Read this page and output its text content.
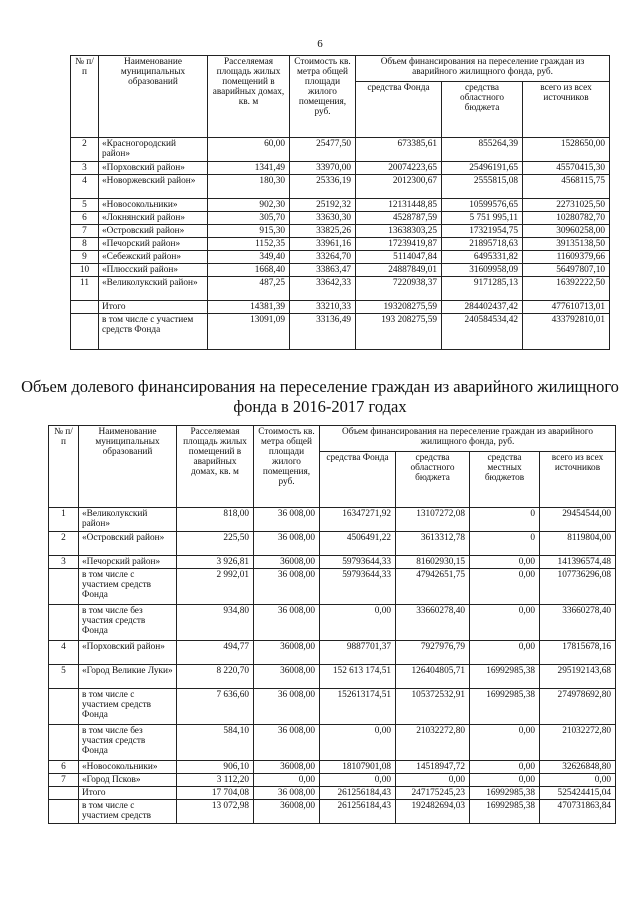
6
№ п/п	Наименование муниципальных образований	Расселяемая площадь жилых помещений в аварийных домах, кв. м	Стоимость кв. метра общей площади жилого помещения, руб.	Объем финансирования на переселение граждан из аварийного жилищного фонда, руб.		
				средства Фонда	средства областного бюджета	всего из всех источников
2	«Красногородский район»	60,00	25477,50	673385,61	855264,39	1528650,00
3	«Порховский район»	1341,49	33970,00	20074223,65	25496191,65	45570415,30
4	«Новоржевский район»	180,30	25336,19	2012300,67	2555815,08	4568115,75
5	«Новосокольники»	902,30	25192,32	12131448,85	10599576,65	22731025,50
6	«Локнянский район»	305,70	33630,30	4528787,59	5 751 995,11	10280782,70
7	«Островский район»	915,30	33825,26	13638303,25	17321954,75	30960258,00
8	«Печорский район»	1152,35	33961,16	17239419,87	21895718,63	39135138,50
9	«Себежский район»	349,40	33264,70	5114047,84	6495331,82	11609379,66
10	«Плюсский район»	1668,40	33863,47	24887849,01	31609958,09	56497807,10
11	«Великолукский район»	487,25	33642,33	7220938,37	9171285,13	16392222,50
	Итого	14381,39	33210,33	193208275,59	284402437,42	477610713,01
	в том числе с участием средств Фонда	13091,09	33136,49	193 208275,59	240584534,42	433792810,01
Объем долевого финансирования на переселение граждан из аварийного жилищного фонда в 2016-2017 годах
№ п/п	Наименование муниципальных образований	Расселяемая площадь жилых помещений в аварийных домах, кв. м	Стоимость кв. метра общей площади жилого помещения, руб.	Объем финансирования на переселение граждан из аварийного жилищного фонда, руб.			
				средства Фонда	средства областного бюджета	средства местных бюджетов	всего из всех источников
1	«Великолукский район»	818,00	36 008,00	16347271,92	13107272,08	0	29454544,00
2	«Островский район»	225,50	36 008,00	4506491,22	3613312,78	0	8119804,00
3	«Печорский район»	3 926,81	36008,00	59793644,33	81602930,15	0,00	141396574,48
	в том числе с участием средств Фонда	2 992,01	36 008,00	59793644,33	47942651,75	0,00	107736296,08
	в том числе без участия средств Фонда	934,80	36 008,00	0,00	33660278,40	0,00	33660278,40
4	«Порховский район»	494,77	36008,00	9887701,37	7927976,79	0,00	17815678,16
5	«Город Великие Луки»	8 220,70	36008,00	152 613 174,51	126404805,71	16992985,38	295192143,68
	в том числе с участием средств Фонда	7 636,60	36 008,00	152613174,51	105372532,91	16992985,38	274978692,80
	в том числе без участия средств Фонда	584,10	36 008,00	0,00	21032272,80	0,00	21032272,80
6	«Новосокольники»	906,10	36008,00	18107901,08	14518947,72	0,00	32626848,80
7	«Город Псков»	3 112,20	0,00	0,00	0,00	0,00	0,00
	Итого	17 704,08	36 008,00	261256184,43	247175245,23	16992985,38	525424415,04
	в том числе с участием средств	13 072,98	36008,00	261256184,43	192482694,03	16992985,38	470731863,84
